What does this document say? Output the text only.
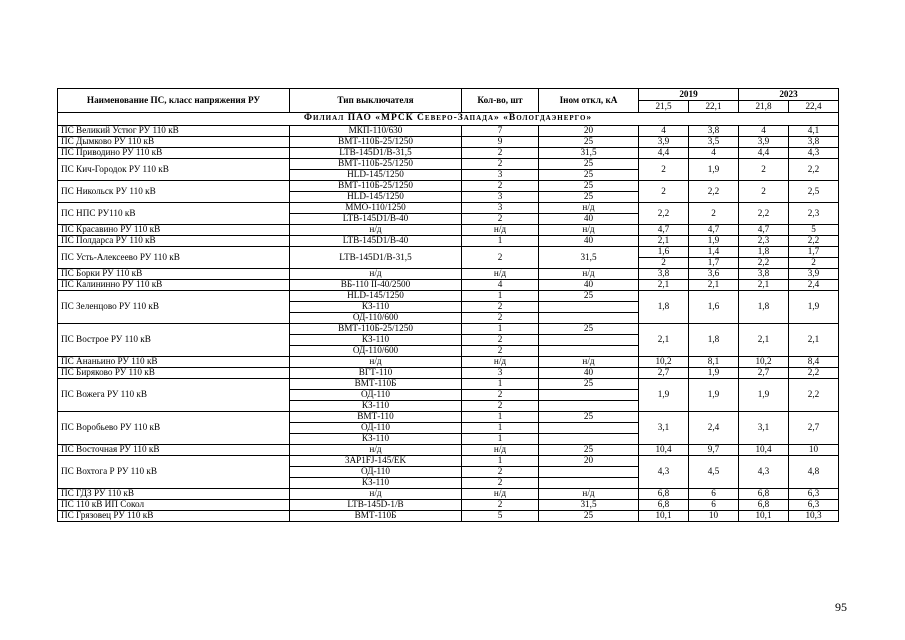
Наименование ПС, класс напряжения РУ	Тип выключателя	Кол-во, шт	Iном откл, кА	2019		2023	
				21,5	22,1	21,8	22,4
Филиал ПАО «МРСК Северо-Запада» «Вологдаэнерго»							
ПС Великий Устюг РУ 110 кВ	МКП-110/630	7	20	4	3,8	4	4,1
ПС Дымково РУ 110 кВ	ВМТ-110Б-25/1250	9	25	3,9	3,5	3,9	3,8
ПС Приводино РУ 110 кВ	LTB-145D1/B-31,5	2	31,5	4,4	4	4,4	4,3
ПС Кич-Городок РУ 110 кВ	ВМТ-110Б-25/1250	2	25	2	1,9	2	2,2
	HLD-145/1250	3	25				
ПС Никольск РУ 110 кВ	ВМТ-110Б-25/1250	2	25	2	2,2	2	2,5
	HLD-145/1250	3	25				
ПС НПС РУ110 кВ	ММО-110/1250	3	н/д	2,2	2	2,2	2,3
	LTB-145D1/B-40	2	40				
ПС Красавино РУ 110 кВ	н/д	н/д	н/д	4,7	4,7	4,7	5
ПС Полдарса РУ 110 кВ	LTB-145D1/B-40	1	40	2,1	1,9	2,3	2,2
ПС Усть-Алексеево РУ 110 кВ	LTB-145D1/B-31,5	2	31,5	1,6	1,4	1,8	1,7
				2	1,7	2,2	2
ПС Борки РУ 110 кВ	н/д	н/д	н/д	3,8	3,6	3,8	3,9
ПС Калининно РУ 110 кВ	ВБ-110 II-40/2500	4	40	2,1	2,1	2,1	2,4
ПС Зеленцово РУ 110 кВ	HLD-145/1250	1	25	1,8	1,6	1,8	1,9
	КЗ-110	2					
	ОД-110/600	2					
ПС Вострое РУ 110 кВ	ВМТ-110Б-25/1250	1	25	2,1	1,8	2,1	2,1
	КЗ-110	2					
	ОД-110/600	2					
ПС Ананьино РУ 110 кВ	н/д	н/д	н/д	10,2	8,1	10,2	8,4
ПС Биряково РУ 110 кВ	ВГТ-110	3	40	2,7	1,9	2,7	2,2
ПС Вожега РУ 110 кВ	ВМТ-110Б	1	25	1,9	1,9	1,9	2,2
	ОД-110	2					
	КЗ-110	2					
ПС Воробьево РУ 110 кВ	ВМТ-110	1	25	3,1	2,4	3,1	2,7
	ОД-110	1					
	КЗ-110	1					
ПС Восточная РУ 110 кВ	н/д	н/д	25	10,4	9,7	10,4	10
ПС Вохтога Р РУ 110 кВ	3AP1FJ-145/EK	1	20	4,3	4,5	4,3	4,8
	ОД-110	2					
	КЗ-110	2					
ПС ГДЗ РУ 110 кВ	н/д	н/д	н/д	6,8	6	6,8	6,3
ПС 110 кВ ИП Сокол	LTB-145D-1/B	2	31,5	6,8	6	6,8	6,3
ПС Грязовец РУ 110 кВ	ВМТ-110Б	5	25	10,1	10	10,1	10,3
95
